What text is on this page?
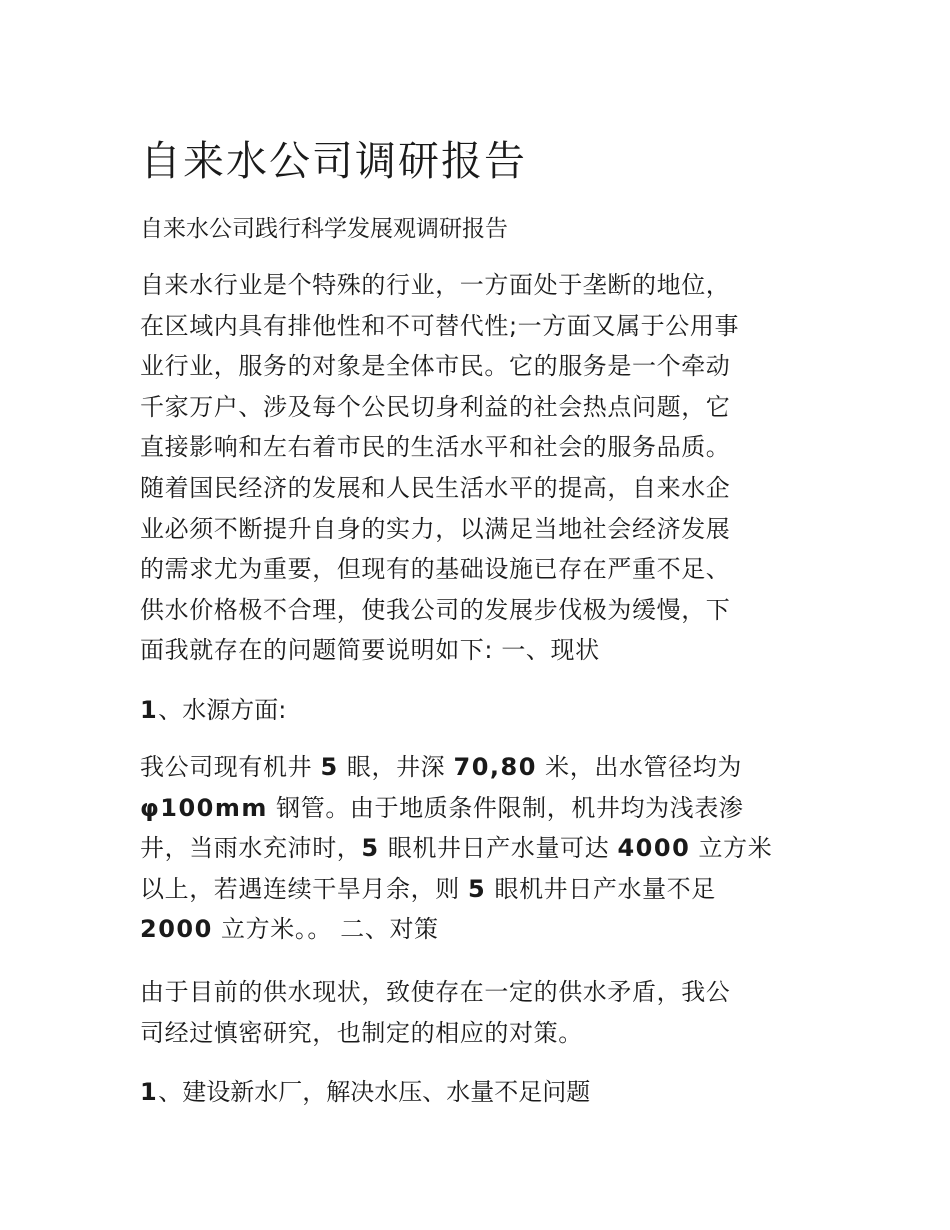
自来水公司调研报告

自来水公司践行科学发展观调研报告

自来水行业是个特殊的行业，一方面处于垄断的地位，
在区域内具有排他性和不可替代性;一方面又属于公用事
业行业，服务的对象是全体市民。它的服务是一个牵动
千家万户、涉及每个公民切身利益的社会热点问题，它
直接影响和左右着市民的生活水平和社会的服务品质。
随着国民经济的发展和人民生活水平的提高，自来水企
业必须不断提升自身的实力，以满足当地社会经济发展
的需求尤为重要，但现有的基础设施已存在严重不足、
供水价格极不合理，使我公司的发展步伐极为缓慢，下
面我就存在的问题简要说明如下: 一、现状

1、水源方面:

我公司现有机井 5 眼，井深 70,80 米，出水管径均为
φ100mm 钢管。由于地质条件限制，机井均为浅表渗
井，当雨水充沛时，5 眼机井日产水量可达 4000 立方米
以上，若遇连续干旱月余，则 5 眼机井日产水量不足
2000 立方米。。 二、对策
由于目前的供水现状，致使存在一定的供水矛盾，我公
司经过慎密研究，也制定的相应的对策。

1、建设新水厂，解决水压、水量不足问题
